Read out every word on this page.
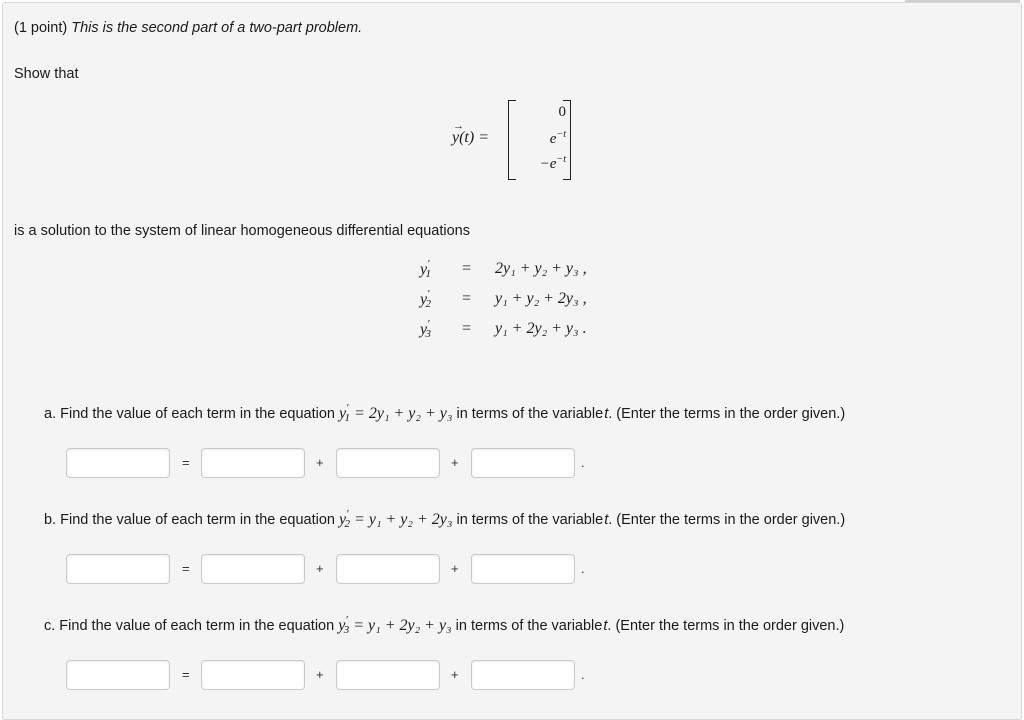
(1 point) This is the second part of a two-part problem.
Show that
y(t) =
→
0
$e^{-t}$
$-e^{-t}$
is a solution to the system of linear homogeneous differential equations
$y'_1 = 2y_1 + y_2 + y_3$ ,
$y'_2 = y_1 + y_2 + 2y_3$ ,
$y'_3 = y_1 + 2y_2 + y_3$ .
a. Find the value of each term in the equation $y'_1 = 2y_1 + y_2 + y_3$ in terms of the variable t. (Enter the terms in the order given.)
=	+	+	.
b. Find the value of each term in the equation $y'_2 = y_1 + y_2 + 2y_3$ in terms of the variable t. (Enter the terms in the order given.)
=	+	+	.
c. Find the value of each term in the equation $y'_3 = y_1 + 2y_2 + y_3$ in terms of the variable t. (Enter the terms in the order given.)
=	+	+	.
